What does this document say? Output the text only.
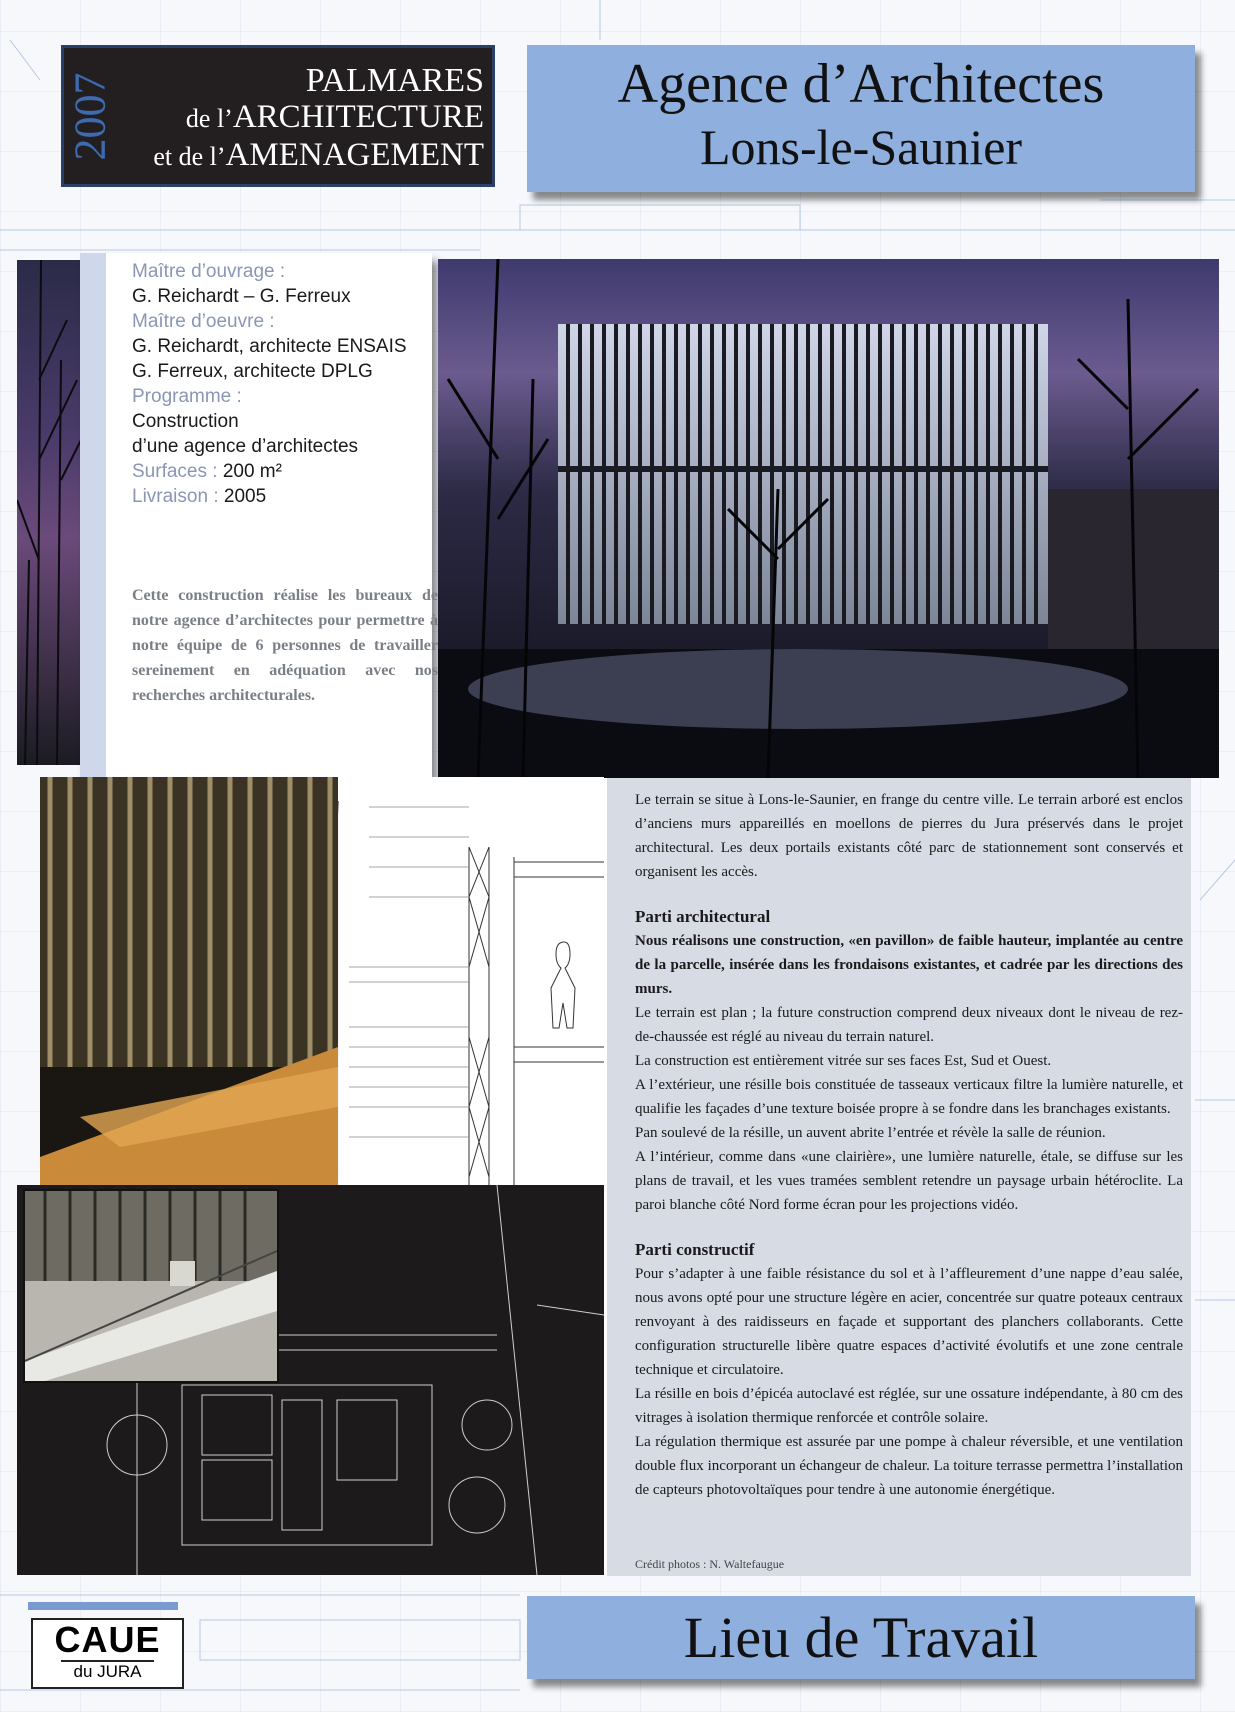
2007	PALMARES
de l’ARCHITECTURE
et de l’AMENAGEMENT
Agence d’Architectes
Lons-le-Saunier
Maître d’ouvrage :
G. Reichardt – G. Ferreux
Maître d’oeuvre :
G. Reichardt, architecte ENSAIS
G. Ferreux, architecte DPLG
Programme :
Construction
d’une agence d’architectes
Surfaces : 200 m²
Livraison : 2005
Cette construction réalise les bureaux de notre agence d’architectes pour permettre à notre équipe de 6 personnes de travailler sereinement en adéquation avec nos recherches architecturales.

Le terrain se situe à Lons-le-Saunier, en frange du centre ville. Le terrain arboré est enclos d’anciens murs appareillés en moellons de pierres du Jura préservés dans le projet architectural. Les deux portails existants côté parc de stationnement sont conservés et organisent les accès.

Parti architectural

Nous réalisons une construction, «en pavillon» de faible hauteur, implantée au centre de la parcelle, insérée dans les frondaisons existantes, et cadrée par les directions des murs.

Le terrain est plan ; la future construction comprend deux niveaux dont le niveau de rez-de-chaussée est réglé au niveau du terrain naturel.

La construction est entièrement vitrée sur ses faces Est, Sud et Ouest.

A l’extérieur, une résille bois constituée de tasseaux verticaux filtre la lumière naturelle, et qualifie les façades d’une texture boisée propre à se fondre dans les branchages existants.

Pan soulevé de la résille, un auvent abrite l’entrée et révèle la salle de réunion.

A l’intérieur, comme dans «une clairière», une lumière naturelle, étale, se diffuse sur les plans de travail, et les vues tramées semblent retendre un paysage urbain hétéroclite. La paroi blanche côté Nord forme écran pour les projections vidéo.

Parti constructif

Pour s’adapter à une faible résistance du sol et à l’affleurement d’une nappe d’eau salée, nous avons opté pour une structure légère en acier, concentrée sur quatre poteaux centraux renvoyant à des raidisseurs en façade et supportant des planchers collaborants. Cette configuration structurelle libère quatre espaces d’activité évolutifs et une zone centrale technique et circulatoire.

La résille en bois d’épicéa autoclavé est réglée, sur une ossature indépendante, à 80 cm des vitrages à isolation thermique renforcée et contrôle solaire.

La régulation thermique est assurée par une pompe à chaleur réversible, et une ventilation double flux incorporant un échangeur de chaleur. La toiture terrasse permettra l’installation de capteurs photovoltaïques pour tendre à une autonomie énergétique.

Crédit photos : N. Waltefaugue
CAUE
du JURA
Lieu de Travail
